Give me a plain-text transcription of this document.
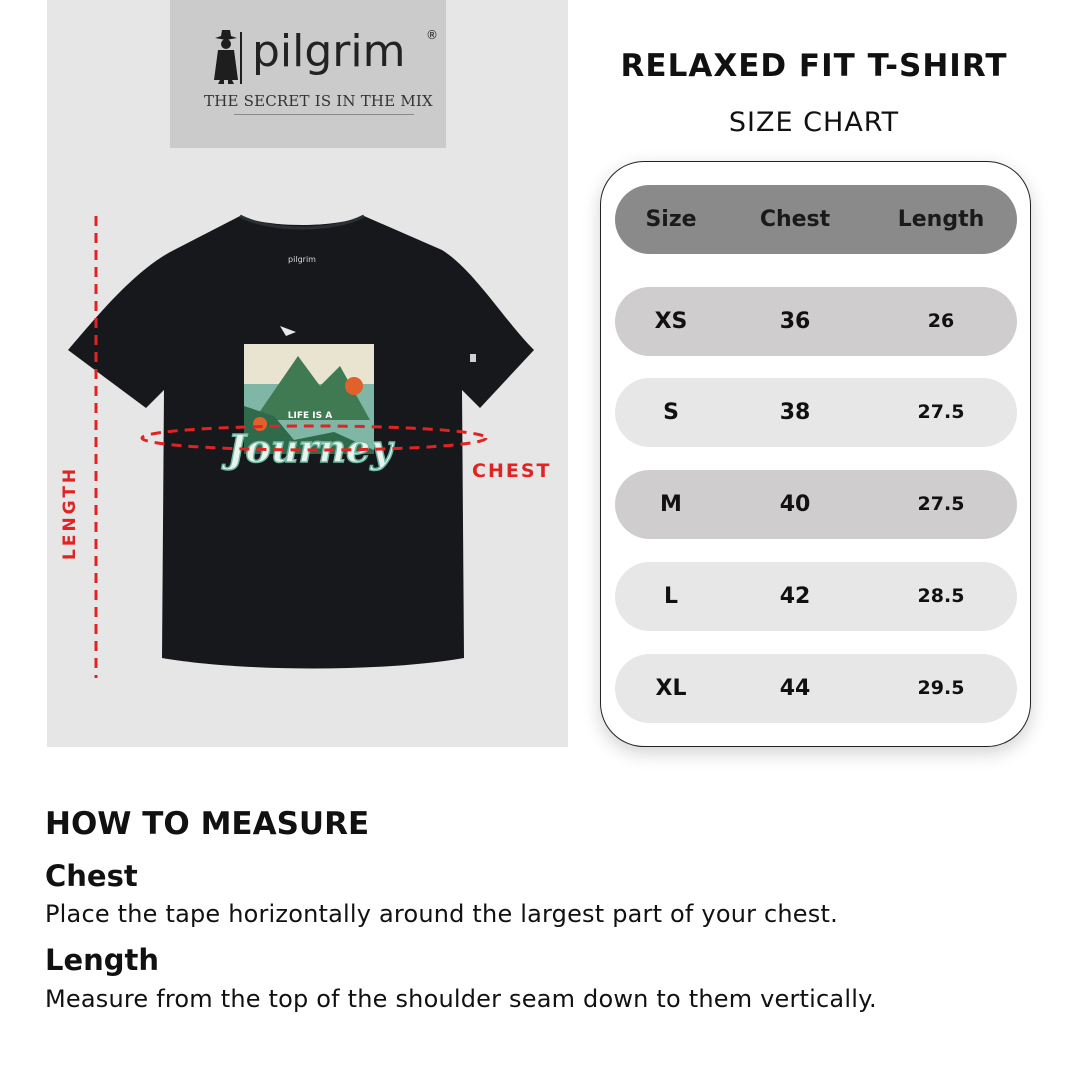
pilgrim ®
THE SECRET IS IN THE MIX
pilgrim
LIFE IS A
Journey
LENGTH	CHEST
RELAXED FIT T-SHIRT
SIZE CHART
Size	Chest	Length
XS	36	26
S	38	27.5
M	40	27.5
L	42	28.5
XL	44	29.5
HOW TO MEASURE
Chest
Place the tape horizontally around the largest part of your chest.
Length
Measure from the top of the shoulder seam down to them vertically.
